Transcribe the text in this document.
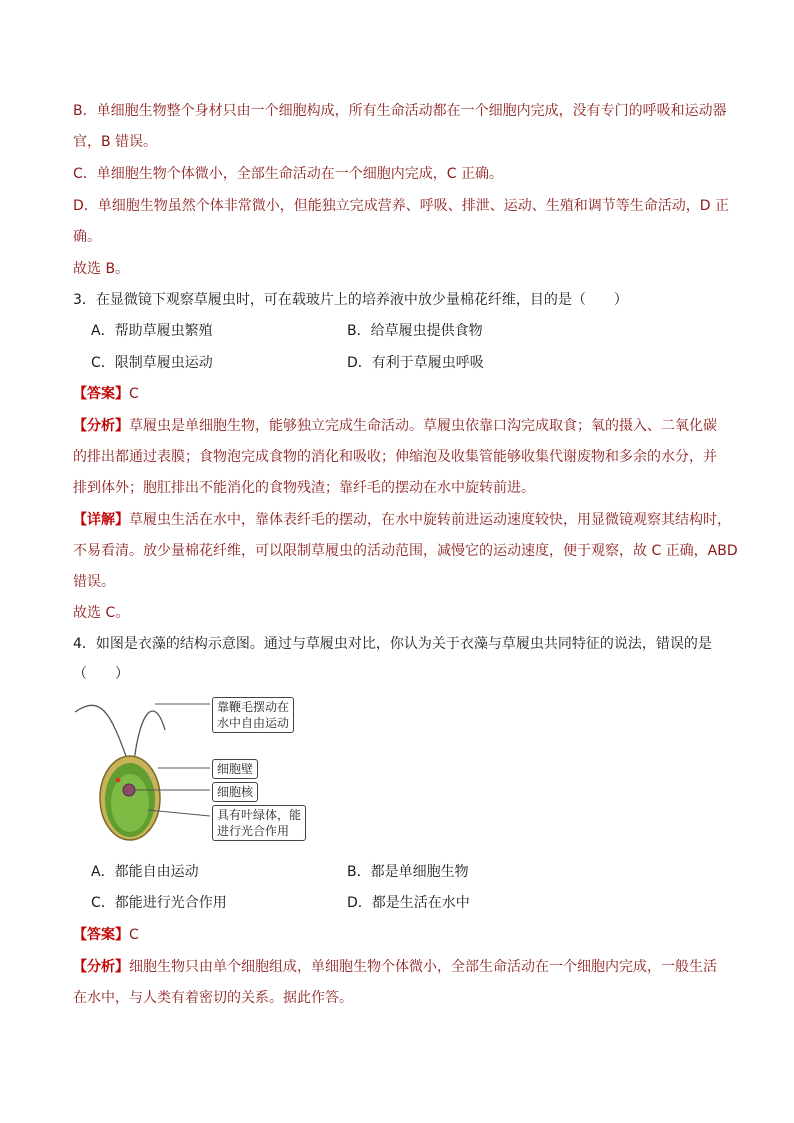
B．单细胞生物整个身材只由一个细胞构成，所有生命活动都在一个细胞内完成，没有专门的呼吸和运动器
官，B 错误。
C．单细胞生物个体微小，全部生命活动在一个细胞内完成，C 正确。
D．单细胞生物虽然个体非常微小，但能独立完成营养、呼吸、排泄、运动、生殖和调节等生命活动，D 正
确。
故选 B。
3．在显微镜下观察草履虫时，可在载玻片上的培养液中放少量棉花纤维，目的是（　　）
A．帮助草履虫繁殖	B．给草履虫提供食物
C．限制草履虫运动	D．有利于草履虫呼吸
【答案】C
【分析】草履虫是单细胞生物，能够独立完成生命活动。草履虫依靠口沟完成取食；氧的摄入、二氧化碳
的排出都通过表膜；食物泡完成食物的消化和吸收；伸缩泡及收集管能够收集代谢废物和多余的水分，并
排到体外；胞肛排出不能消化的食物残渣；靠纤毛的摆动在水中旋转前进。
【详解】草履虫生活在水中，靠体表纤毛的摆动，在水中旋转前进运动速度较快，用显微镜观察其结构时，
不易看清。放少量棉花纤维，可以限制草履虫的活动范围，减慢它的运动速度，便于观察，故 C 正确，ABD
错误。
故选 C。
4．如图是衣藻的结构示意图。通过与草履虫对比，你认为关于衣藻与草履虫共同特征的说法，错误的是
（　　）
靠鞭毛摆动在
水中自由运动
细胞壁
细胞核
具有叶绿体，能
进行光合作用
A．都能自由运动	B．都是单细胞生物
C．都能进行光合作用	D．都是生活在水中
【答案】C
【分析】细胞生物只由单个细胞组成，单细胞生物个体微小，全部生命活动在一个细胞内完成，一般生活
在水中，与人类有着密切的关系。据此作答。
